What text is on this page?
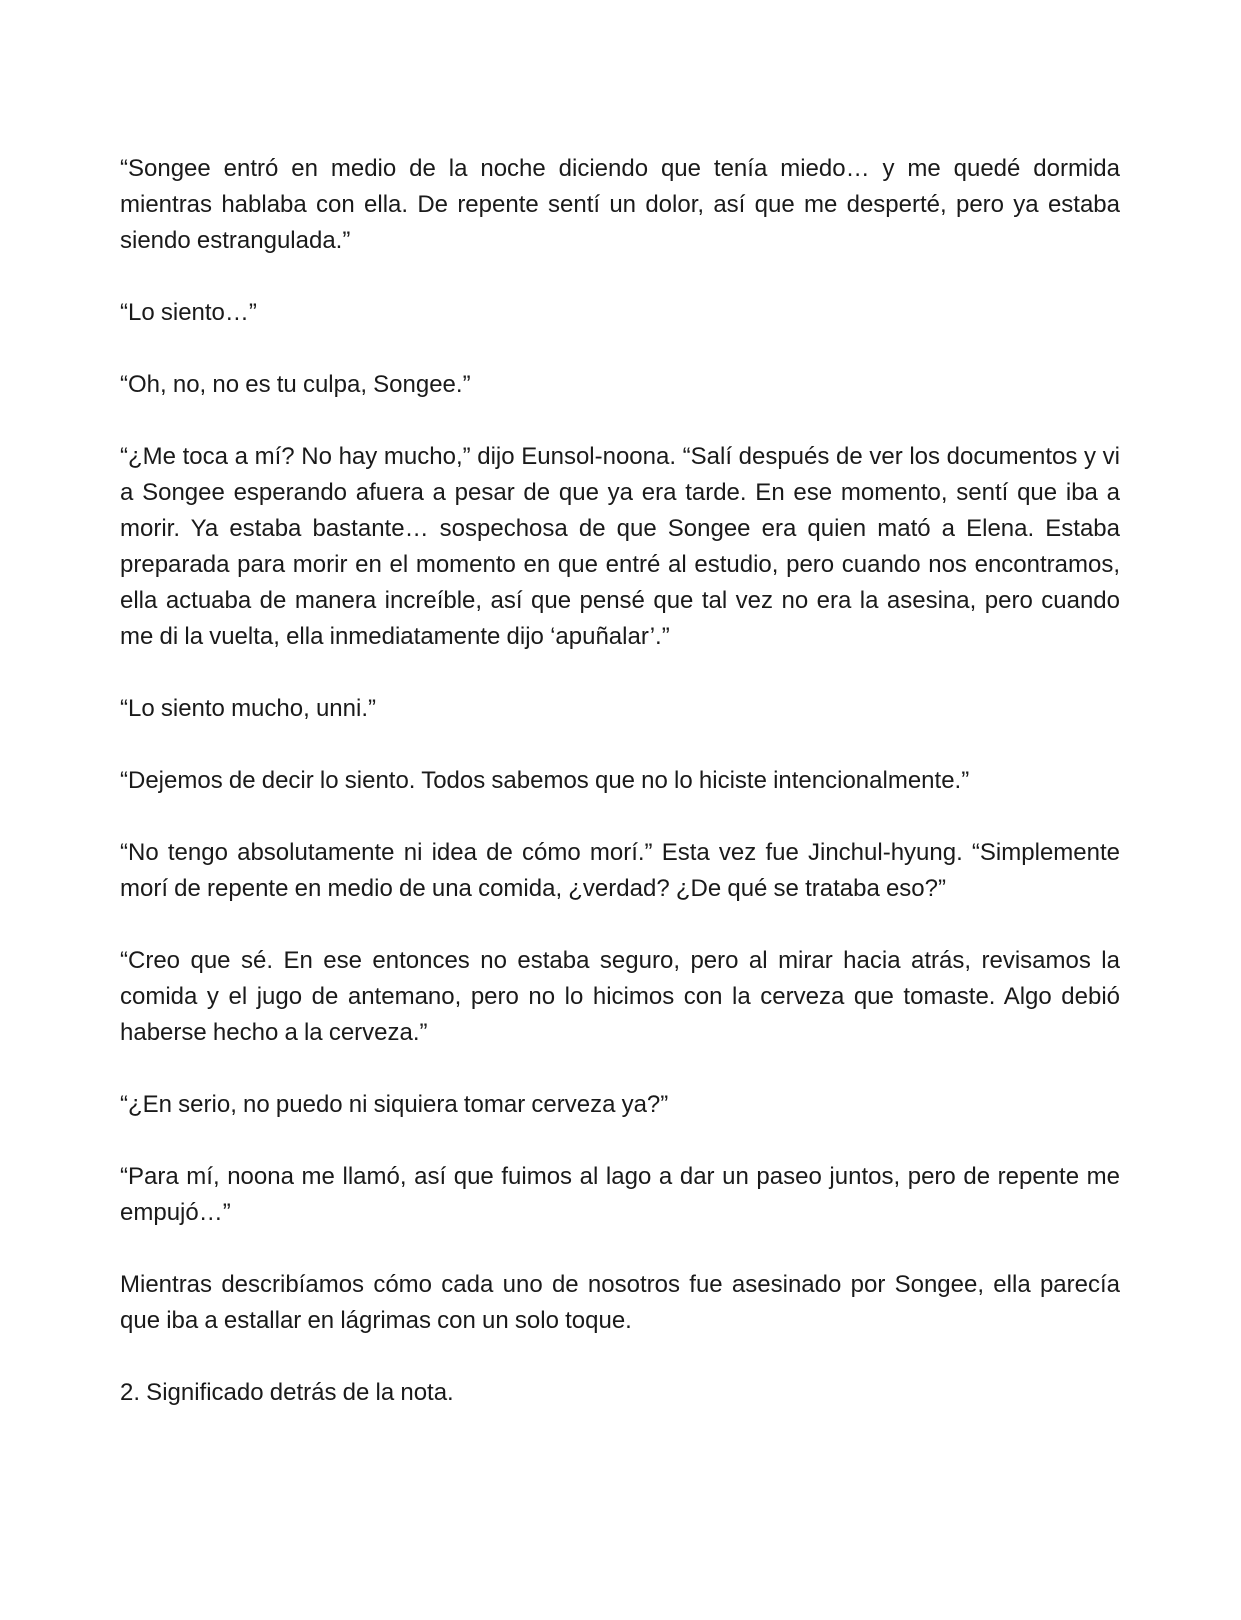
“Songee entró en medio de la noche diciendo que tenía miedo… y me quedé dormida mientras hablaba con ella. De repente sentí un dolor, así que me desperté, pero ya estaba siendo estrangulada.”

“Lo siento…”

“Oh, no, no es tu culpa, Songee.”

“¿Me toca a mí? No hay mucho,” dijo Eunsol-noona. “Salí después de ver los documentos y vi a Songee esperando afuera a pesar de que ya era tarde. En ese momento, sentí que iba a morir. Ya estaba bastante… sospechosa de que Songee era quien mató a Elena. Estaba preparada para morir en el momento en que entré al estudio, pero cuando nos encontramos, ella actuaba de manera increíble, así que pensé que tal vez no era la asesina, pero cuando me di la vuelta, ella inmediatamente dijo ‘apuñalar’.”

“Lo siento mucho, unni.”

“Dejemos de decir lo siento. Todos sabemos que no lo hiciste intencionalmente.”

“No tengo absolutamente ni idea de cómo morí.” Esta vez fue Jinchul-hyung. “Simplemente morí de repente en medio de una comida, ¿verdad? ¿De qué se trataba eso?”

“Creo que sé. En ese entonces no estaba seguro, pero al mirar hacia atrás, revisamos la comida y el jugo de antemano, pero no lo hicimos con la cerveza que tomaste. Algo debió haberse hecho a la cerveza.”

“¿En serio, no puedo ni siquiera tomar cerveza ya?”

“Para mí, noona me llamó, así que fuimos al lago a dar un paseo juntos, pero de repente me empujó…”

Mientras describíamos cómo cada uno de nosotros fue asesinado por Songee, ella parecía que iba a estallar en lágrimas con un solo toque.

2. Significado detrás de la nota.
